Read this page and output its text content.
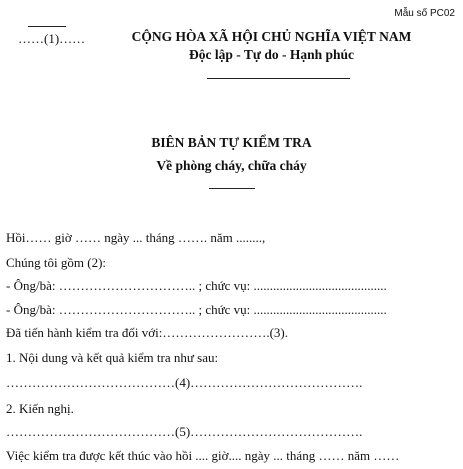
Mẫu số PC02
……(1)……	CỘNG HÒA XÃ HỘI CHỦ NGHĨA VIỆT NAM
Độc lập - Tự do - Hạnh phúc
BIÊN BẢN TỰ KIỂM TRA
Về phòng cháy, chữa cháy
Hồi…… giờ …… ngày ... tháng ……. năm ........,
Chúng tôi gồm (2):
- Ông/bà: ………………………….. ; chức vụ: .........................................
- Ông/bà: ………………………….. ; chức vụ: .........................................
Đã tiến hành kiểm tra đối với:…………………….(3).
1. Nội dung và kết quả kiểm tra như sau:
…………………………………(4)………………………………….
2. Kiến nghị.
…………………………………(5)………………………………….
Việc kiểm tra được kết thúc vào hồi .... giờ.... ngày ... tháng …… năm ……
